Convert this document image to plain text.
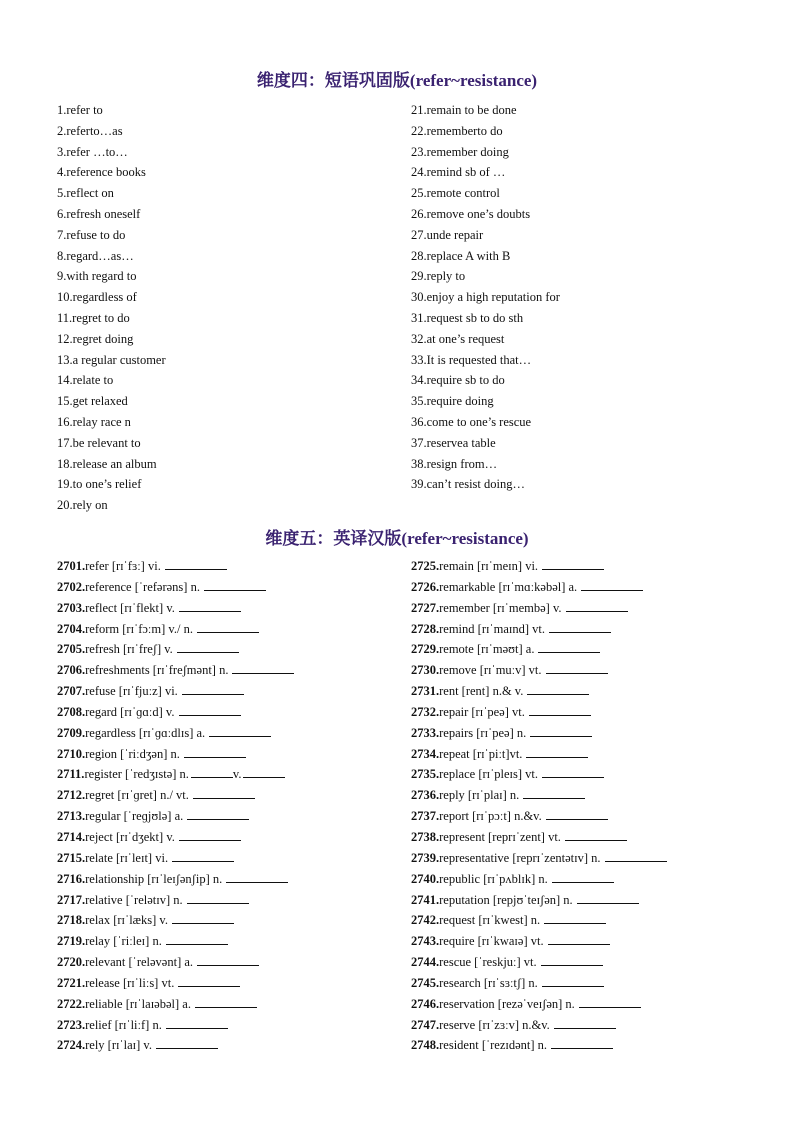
维度四：短语巩固版(refer~resistance)
1.refer to
2.referto…as
3.refer …to…
4.reference books
5.reflect on
6.refresh oneself
7.refuse to do
8.regard…as…
9.with regard to
10.regardless of
11.regret to do
12.regret doing
13.a regular customer
14.relate to
15.get relaxed
16.relay race n
17.be relevant to
18.release an album
19.to one’s relief
20.rely on
21.remain to be done
22.rememberto do
23.remember doing
24.remind sb of …
25.remote control
26.remove one’s doubts
27.unde repair
28.replace A with B
29.reply to
30.enjoy a high reputation for
31.request sb to do sth
32.at one’s request
33.It is requested that…
34.require sb to do
35.require doing
36.come to one’s rescue
37.reservea table
38.resign from…
39.can’t resist doing…
维度五：英译汉版(refer~resistance)
2701.refer [rɪˈfɜː] vi.
2702.reference [ˈrefərəns] n.
2703.reflect [rɪˈflekt] v.
2704.reform [rɪˈfɔːm] v./ n.
2705.refresh [rɪˈfreʃ] v.
2706.refreshments [rɪˈfreʃmənt] n.
2707.refuse [rɪˈfjuːz] vi.
2708.regard [rɪˈɡɑːd] v.
2709.regardless [rɪˈɡɑːdlɪs] a.
2710.region [ˈriːdʒən] n.
2711.register [ˈredʒɪstə] n.	v.
2712.regret [rɪˈɡret] n./ vt.
2713.regular [ˈreɡjʊlə] a.
2714.reject [rɪˈdʒekt] v.
2715.relate [rɪˈleɪt] vi.
2716.relationship [rɪˈleɪʃənʃip] n.
2717.relative [ˈrelətɪv] n.
2718.relax [rɪˈlæks] v.
2719.relay [ˈriːleɪ] n.
2720.relevant [ˈreləvənt] a.
2721.release [rɪˈliːs] vt.
2722.reliable [rɪˈlaɪəbəl] a.
2723.relief [rɪˈliːf] n.
2724.rely [rɪˈlaɪ] v.
2725.remain [rɪˈmeɪn] vi.
2726.remarkable [rɪˈmɑːkəbəl] a.
2727.remember [rɪˈmembə] v.
2728.remind [rɪˈmaɪnd] vt.
2729.remote [rɪˈməʊt] a.
2730.remove [rɪˈmuːv] vt.
2731.rent [rent] n.& v.
2732.repair [rɪˈpeə] vt.
2733.repairs [rɪˈpeə] n.
2734.repeat [rɪˈpiːt]vt.
2735.replace [rɪˈpleɪs] vt.
2736.reply [rɪˈplaɪ] n.
2737.report [rɪˈpɔːt] n.&v.
2738.represent [reprɪˈzent] vt.
2739.representative [reprɪˈzentətɪv] n.
2740.republic [rɪˈpʌblɪk] n.
2741.reputation [repjʊˈteɪʃən] n.
2742.request [rɪˈkwest] n.
2743.require [rɪˈkwaɪə] vt.
2744.rescue [ˈreskjuː] vt.
2745.research [rɪˈsɜːtʃ] n.
2746.reservation [rezəˈveɪʃən] n.
2747.reserve [rɪˈzɜːv] n.&v.
2748.resident [ˈrezɪdənt] n.
